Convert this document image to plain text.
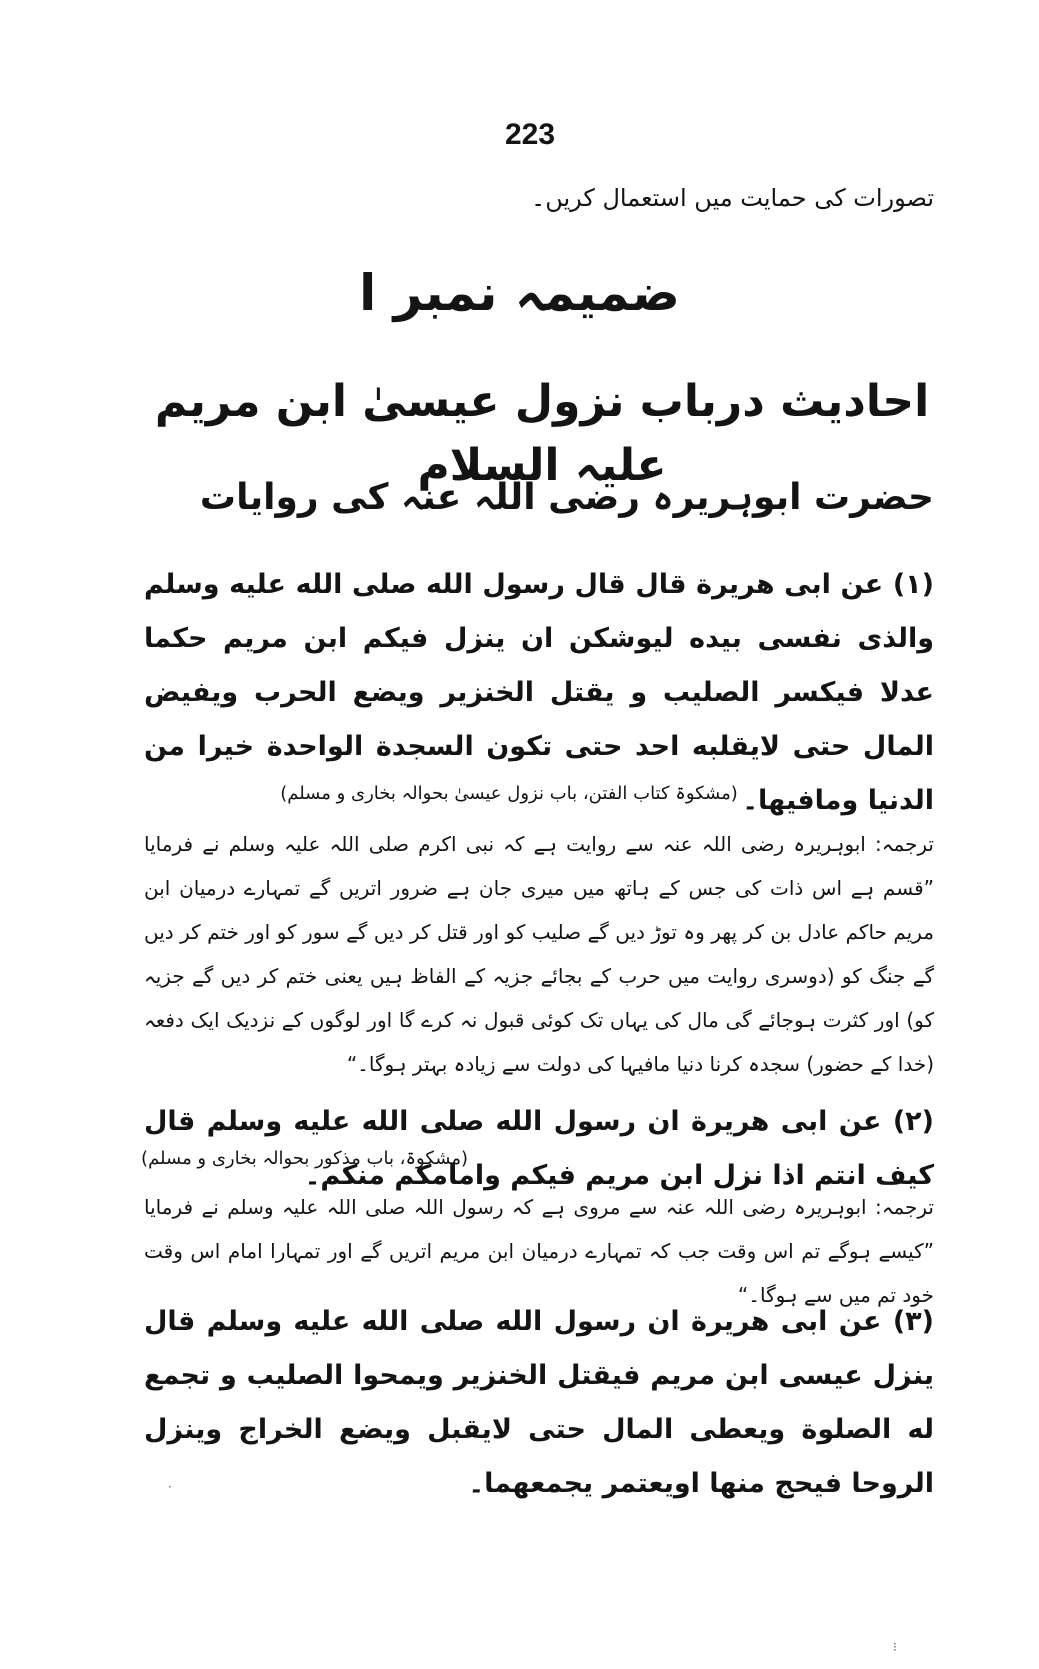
223
تصورات کی حمایت میں استعمال کریں۔
ضمیمہ نمبر ا
احادیث درباب نزول عیسیٰ ابن مریم علیہ السلام
حضرت ابوہریرہ رضی اللہ عنہ کی روایات
(۱) عن ابی هريرة قال قال رسول الله صلی الله علیه وسلم والذی نفسی بیده لیوشکن ان ینزل فیکم ابن مریم حکما عدلا فیکسر الصلیب و یقتل الخنزیر ویضع الحرب ویفیض المال حتی لایقلبه احد حتی تکون السجدة الواحدة خیرا من الدنیا ومافیها۔
(مشکوۃ کتاب الفتن، باب نزول عیسیٰ بحوالہ بخاری و مسلم)
ترجمہ: ابوہریرہ رضی اللہ عنہ سے روایت ہے کہ نبی اکرم صلی اللہ علیہ وسلم نے فرمایا ”قسم ہے اس ذات کی جس کے ہاتھ میں میری جان ہے ضرور اتریں گے تمہارے درمیان ابن مریم حاکم عادل بن کر پھر وہ توڑ دیں گے صلیب کو اور قتل کر دیں گے سور کو اور ختم کر دیں گے جنگ کو (دوسری روایت میں حرب کے بجائے جزیہ کے الفاظ ہیں یعنی ختم کر دیں گے جزیہ کو) اور کثرت ہوجائے گی مال کی یہاں تک کوئی قبول نہ کرے گا اور لوگوں کے نزدیک ایک دفعہ (خدا کے حضور) سجدہ کرنا دنیا مافیہا کی دولت سے زیادہ بہتر ہوگا۔“
(۲) عن ابی هريرة ان رسول الله صلی الله علیه وسلم قال کیف انتم اذا نزل ابن مریم فیکم وامامکم منکم۔
(مشکوۃ، باب مذکور بحوالہ بخاری و مسلم)
ترجمہ: ابوہریرہ رضی اللہ عنہ سے مروی ہے کہ رسول اللہ صلی اللہ علیہ وسلم نے فرمایا ”کیسے ہوگے تم اس وقت جب کہ تمہارے درمیان ابن مریم اتریں گے اور تمہارا امام اس وقت خود تم میں سے ہوگا۔“
(۳) عن ابی هريرة ان رسول الله صلی الله علیه وسلم قال ینزل عیسی ابن مریم فیقتل الخنزیر ویمحوا الصلیب و تجمع له الصلوة ویعطی المال حتی لایقبل ویضع الخراج وینزل الروحا فیحج منها اویعتمر یجمعهما۔
·
⁝
